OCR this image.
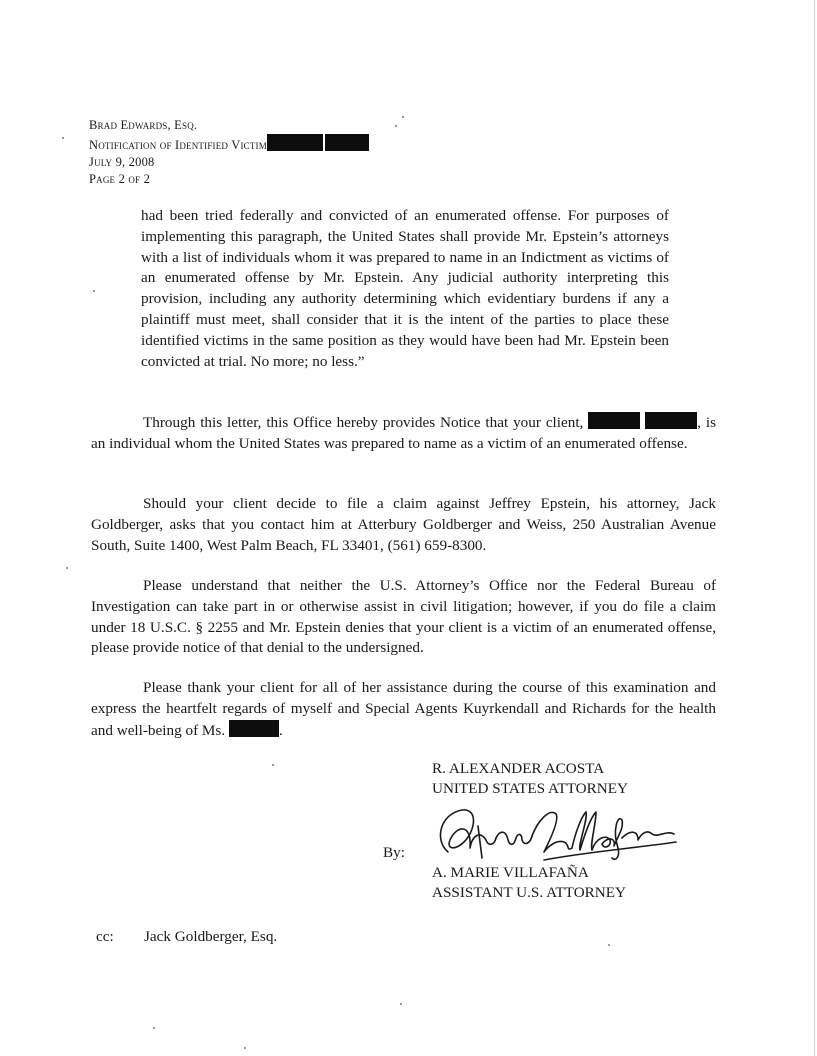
Brad Edwards, Esq.
Notification of Identified Victim
July 9, 2008
Page 2 of 2

had been tried federally and convicted of an enumerated offense. For purposes of implementing this paragraph, the United States shall provide Mr. Epstein’s attorneys with a list of individuals whom it was prepared to name in an Indictment as victims of an enumerated offense by Mr. Epstein. Any judicial authority interpreting this provision, including any authority determining which evidentiary burdens if any a plaintiff must meet, shall consider that it is the intent of the parties to place these identified victims in the same position as they would have been had Mr. Epstein been convicted at trial. No more; no less.”

Through this letter, this Office hereby provides Notice that your client,	, is an individual whom the United States was prepared to name as a victim of an enumerated offense.

Should your client decide to file a claim against Jeffrey Epstein, his attorney, Jack Goldberger, asks that you contact him at Atterbury Goldberger and Weiss, 250 Australian Avenue South, Suite 1400, West Palm Beach, FL 33401, (561) 659-8300.

Please understand that neither the U.S. Attorney’s Office nor the Federal Bureau of Investigation can take part in or otherwise assist in civil litigation; however, if you do file a claim under 18 U.S.C. § 2255 and Mr. Epstein denies that your client is a victim of an enumerated offense, please provide notice of that denial to the undersigned.

Please thank your client for all of her assistance during the course of this examination and express the heartfelt regards of myself and Special Agents Kuyrkendall and Richards for the health and well-being of Ms.	.

R. ALEXANDER ACOSTA
UNITED STATES ATTORNEY
By:
A. MARIE VILLAFAÑA
ASSISTANT U.S. ATTORNEY
cc: Jack Goldberger, Esq.
